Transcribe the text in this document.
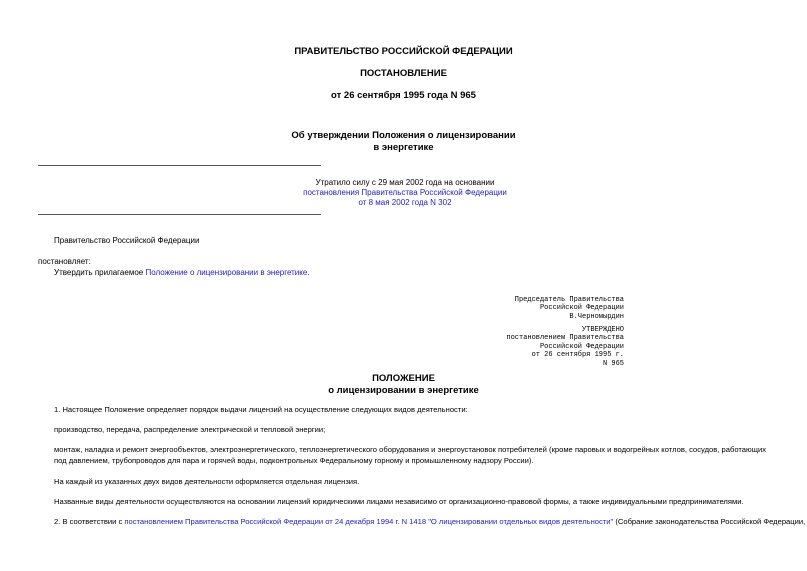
ПРАВИТЕЛЬСТВО РОССИЙСКОЙ ФЕДЕРАЦИИ
ПОСТАНОВЛЕНИЕ
от 26 сентября 1995 года N 965
Об утверждении Положения о лицензировании
в энергетике
Утратило силу с 29 мая 2002 года на основании
постановления Правительства Российской Федерации
от 8 мая 2002 года N 302
Правительство Российской Федерации
постановляет:
Утвердить прилагаемое Положение о лицензировании в энергетике.
Председатель Правительства
Российской Федерации
В.Черномырдин
УТВЕРЖДЕНО
постановлением Правительства
Российской Федерации
от 26 сентября 1995 г.
N 965
ПОЛОЖЕНИЕ
о лицензировании в энергетике
1. Настоящее Положение определяет порядок выдачи лицензий на осуществление следующих видов деятельности:
производство, передача, распределение электрической и тепловой энергии;
монтаж, наладка и ремонт энергообъектов, электроэнергетического, теплоэнергетического оборудования и энергоустановок потребителей (кроме паровых и водогрейных котлов, сосудов, работающих под давлением, трубопроводов для пара и горячей воды, подконтрольных Федеральному горному и промышленному надзору России).
На каждый из указанных двух видов деятельности оформляется отдельная лицензия.
Названные виды деятельности осуществляются на основании лицензий юридическими лицами независимо от организационно-правовой формы, а также индивидуальными предпринимателями.
2. В соответствии с постановлением Правительства Российской Федерации от 24 декабря 1994 г. N 1418 "О лицензировании отдельных видов деятельности" (Собрание законодательства Российской Федерации,
